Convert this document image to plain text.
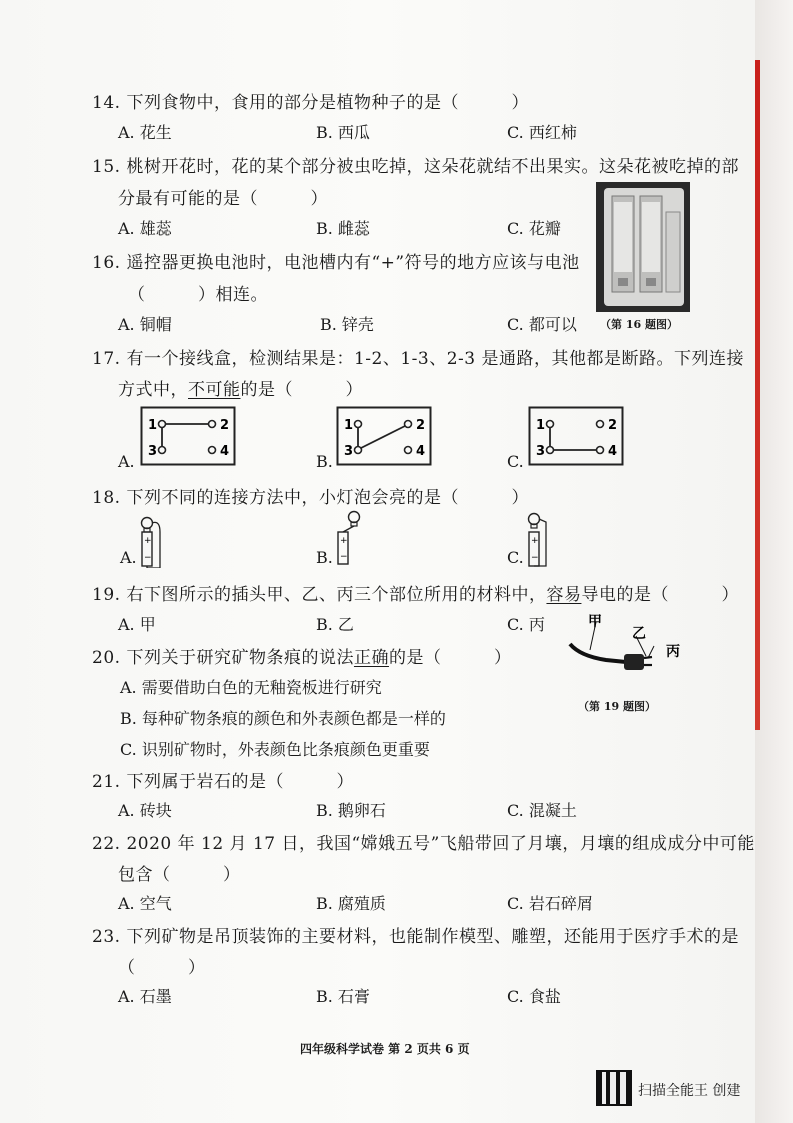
14. 下列食物中，食用的部分是植物种子的是（　　　）
A. 花生	B. 西瓜	C. 西红柿
15. 桃树开花时，花的某个部分被虫吃掉，这朵花就结不出果实。这朵花被吃掉的部
分最有可能的是（　　　）
A. 雄蕊	B. 雌蕊	C. 花瓣
16. 遥控器更换电池时，电池槽内有“+”符号的地方应该与电池
（　　　）相连。
A. 铜帽	B. 锌壳	C. 都可以 （第 16 题图）
17. 有一个接线盒，检测结果是：1-2、1-3、2-3 是通路，其他都是断路。下列连接
方式中，不可能的是（　　　）
A.
1	2
3	4
B.
1	2
3	4
C.
1	2
3	4
18. 下列不同的连接方法中，小灯泡会亮的是（　　　）
A.
+
−	B.
+
−	C.
+
−
19. 右下图所示的插头甲、乙、丙三个部位所用的材料中，容易导电的是（　　　）
A. 甲	B. 乙	C. 丙	甲
乙
丙
（第 19 题图）
20. 下列关于研究矿物条痕的说法正确的是（　　　）
A. 需要借助白色的无釉瓷板进行研究
B. 每种矿物条痕的颜色和外表颜色都是一样的
C. 识别矿物时，外表颜色比条痕颜色更重要
21. 下列属于岩石的是（　　　）
A. 砖块	B. 鹅卵石	C. 混凝土
22. 2020 年 12 月 17 日，我国“嫦娥五号”飞船带回了月壤，月壤的组成成分中可能
包含（　　　）
A. 空气	B. 腐殖质	C. 岩石碎屑
23. 下列矿物是吊顶装饰的主要材料，也能制作模型、雕塑，还能用于医疗手术的是
（　　　）
A. 石墨	B. 石膏	C. 食盐
四年级科学试卷 第 2 页共 6 页
扫描全能王 创建
